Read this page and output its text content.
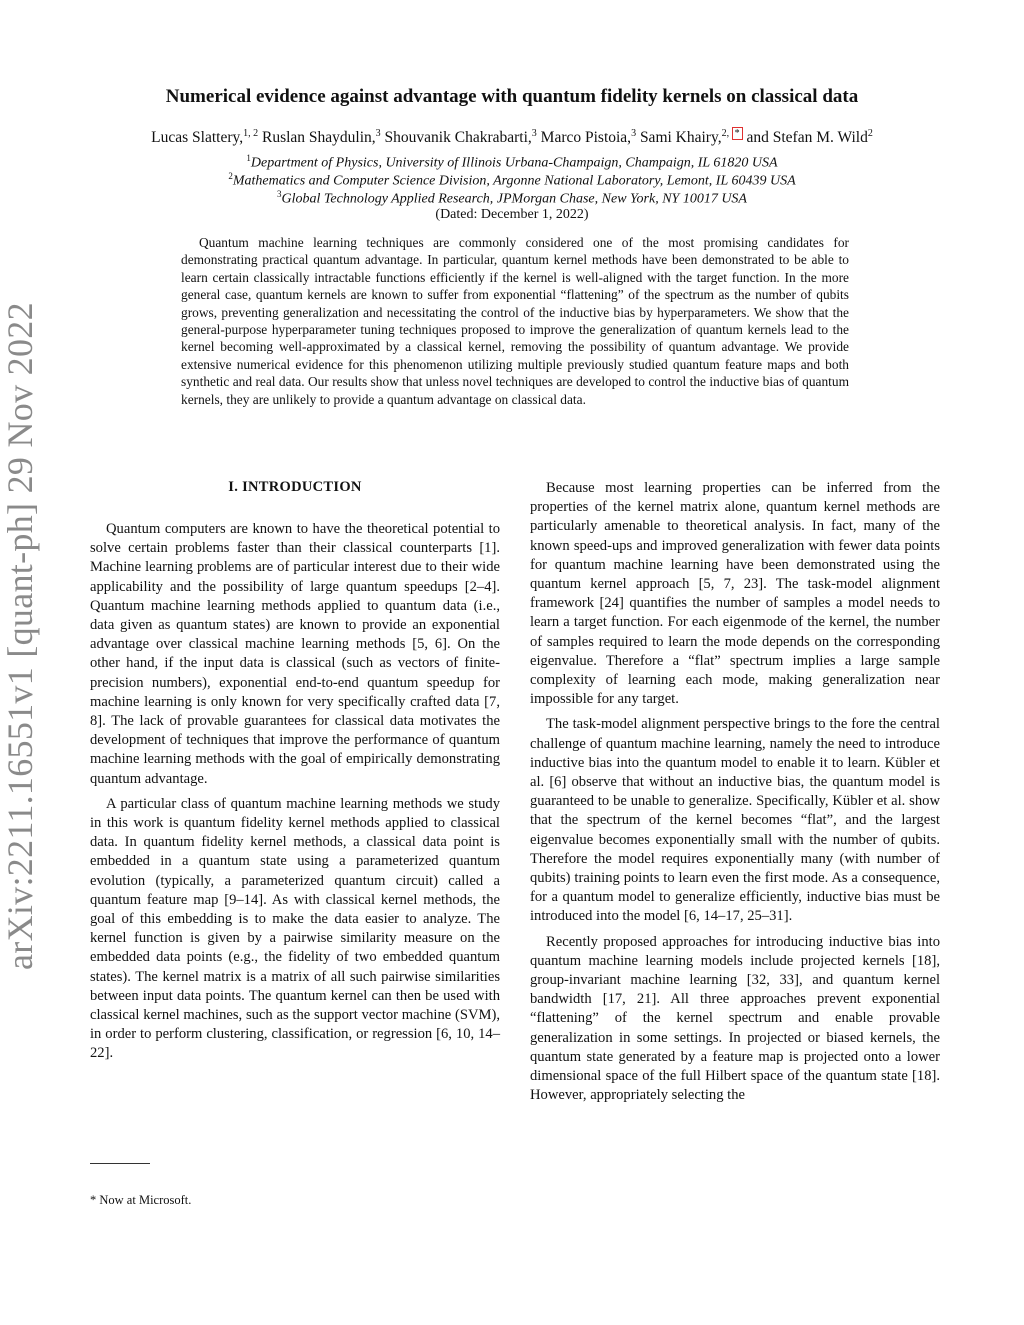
arXiv:2211.16551v1 [quant-ph] 29 Nov 2022
Numerical evidence against advantage with quantum fidelity kernels on classical data
Lucas Slattery,$^{1, 2}$ Ruslan Shaydulin,$^3$ Shouvanik Chakrabarti,$^3$ Marco Pistoia,$^3$ Sami Khairy,$^{2, *}$ and Stefan M. Wild$^2$
$^1$Department of Physics, University of Illinois Urbana-Champaign, Champaign, IL 61820 USA
$^2$Mathematics and Computer Science Division, Argonne National Laboratory, Lemont, IL 60439 USA
$^3$Global Technology Applied Research, JPMorgan Chase, New York, NY 10017 USA
(Dated: December 1, 2022)
Quantum machine learning techniques are commonly considered one of the most promising candidates for demonstrating practical quantum advantage. In particular, quantum kernel methods have been demonstrated to be able to learn certain classically intractable functions efficiently if the kernel is well-aligned with the target function. In the more general case, quantum kernels are known to suffer from exponential “flattening” of the spectrum as the number of qubits grows, preventing generalization and necessitating the control of the inductive bias by hyperparameters. We show that the general-purpose hyperparameter tuning techniques proposed to improve the generalization of quantum kernels lead to the kernel becoming well-approximated by a classical kernel, removing the possibility of quantum advantage. We provide extensive numerical evidence for this phenomenon utilizing multiple previously studied quantum feature maps and both synthetic and real data. Our results show that unless novel techniques are developed to control the inductive bias of quantum kernels, they are unlikely to provide a quantum advantage on classical data.
I. INTRODUCTION

Quantum computers are known to have the theoretical potential to solve certain problems faster than their classical counterparts [1]. Machine learning problems are of particular interest due to their wide applicability and the possibility of large quantum speedups [2–4]. Quantum machine learning methods applied to quantum data (i.e., data given as quantum states) are known to provide an exponential advantage over classical machine learning methods [5, 6]. On the other hand, if the input data is classical (such as vectors of finite-precision numbers), exponential end-to-end quantum speedup for machine learning is only known for very specifically crafted data [7, 8]. The lack of provable guarantees for classical data motivates the development of techniques that improve the performance of quantum machine learning methods with the goal of empirically demonstrating quantum advantage.

A particular class of quantum machine learning methods we study in this work is quantum fidelity kernel methods applied to classical data. In quantum fidelity kernel methods, a classical data point is embedded in a quantum state using a parameterized quantum evolution (typically, a parameterized quantum circuit) called a quantum feature map [9–14]. As with classical kernel methods, the goal of this embedding is to make the data easier to analyze. The kernel function is given by a pairwise similarity measure on the embedded data points (e.g., the fidelity of two embedded quantum states). The kernel matrix is a matrix of all such pairwise similarities between input data points. The quantum kernel can then be used with classical kernel machines, such as the support vector machine (SVM), in order to perform clustering, classification, or regression [6, 10, 14–22].

Because most learning properties can be inferred from the properties of the kernel matrix alone, quantum kernel methods are particularly amenable to theoretical analysis. In fact, many of the known speed-ups and improved generalization with fewer data points for quantum machine learning have been demonstrated using the quantum kernel approach [5, 7, 23]. The task-model alignment framework [24] quantifies the number of samples a model needs to learn a target function. For each eigenmode of the kernel, the number of samples required to learn the mode depends on the corresponding eigenvalue. Therefore a “flat” spectrum implies a large sample complexity of learning each mode, making generalization near impossible for any target.

The task-model alignment perspective brings to the fore the central challenge of quantum machine learning, namely the need to introduce inductive bias into the quantum model to enable it to learn. Kübler et al. [6] observe that without an inductive bias, the quantum model is guaranteed to be unable to generalize. Specifically, Kübler et al. show that the spectrum of the kernel becomes “flat”, and the largest eigenvalue becomes exponentially small with the number of qubits. Therefore the model requires exponentially many (with number of qubits) training points to learn even the first mode. As a consequence, for a quantum model to generalize efficiently, inductive bias must be introduced into the model [6, 14–17, 25–31].

Recently proposed approaches for introducing inductive bias into quantum machine learning models include projected kernels [18], group-invariant machine learning [32, 33], and quantum kernel bandwidth [17, 21]. All three approaches prevent exponential “flattening” of the kernel spectrum and enable provable generalization in some settings. In projected or biased kernels, the quantum state generated by a feature map is projected onto a lower dimensional space of the full Hilbert space of the quantum state [18]. However, appropriately selecting the

* Now at Microsoft.
